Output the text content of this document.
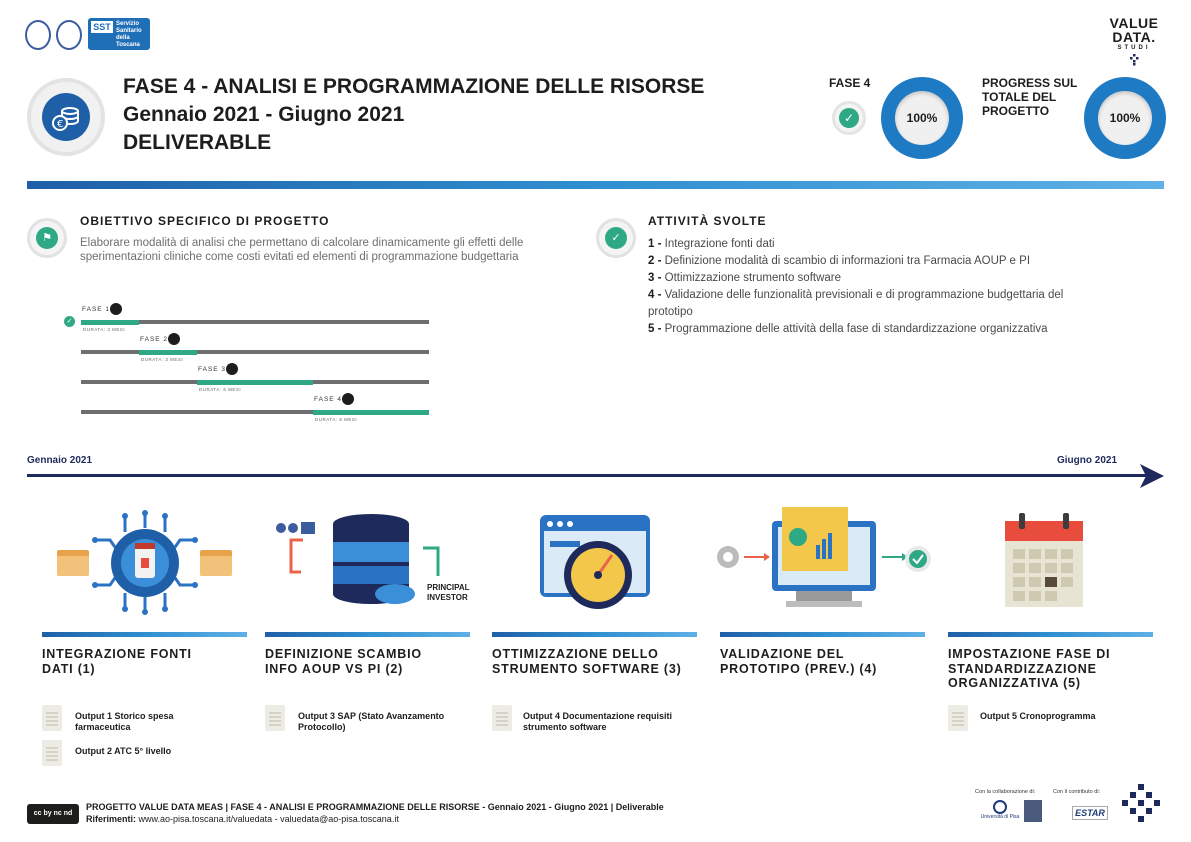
SST Servizio Sanitario della Toscana
VALUE
DATA.
STUDI
€
FASE 4 - ANALISI E PROGRAMMAZIONE DELLE RISORSE
Gennaio 2021 - Giugno 2021
DELIVERABLE
FASE 4
✓	100%
PROGRESS SUL TOTALE DEL PROGETTO	100%
⚑
OBIETTIVO SPECIFICO DI PROGETTO
Elaborare modalità di analisi che permettano di calcolare dinamicamente gli effetti delle sperimentazioni cliniche come costi evitati ed elementi di programmazione budgettaria
✓
ATTIVITÀ SVOLTE
1 - Integrazione fonti dati
2 - Definizione modalità di scambio di informazioni tra Farmacia AOUP e PI
3 - Ottimizzazione strumento software
4 - Validazione delle funzionalità previsionali e di programmazione budgettaria del prototipo
5 - Programmazione delle attività della fase di standardizzazione organizzativa
FASE 1
DURATA: 3 MESI
FASE 2
DURATA: 3 MESI
FASE 3
DURATA: 6 MESI
FASE 4
DURATA: 6 MESI
✓
Gennaio 2021	Giugno 2021
PRINCIPAL INVESTOR
INTEGRAZIONE FONTI DATI (1)
DEFINIZIONE SCAMBIO INFO AOUP VS PI (2)
OTTIMIZZAZIONE DELLO STRUMENTO SOFTWARE (3)
VALIDAZIONE DEL PROTOTIPO (PREV.) (4)
IMPOSTAZIONE FASE DI STANDARDIZZAZIONE ORGANIZZATIVA (5)
Output 1 Storico spesa farmaceutica
Output 2 ATC 5° livello
Output 3 SAP (Stato Avanzamento Protocollo)
Output 4 Documentazione requisiti strumento software
Output 5 Cronoprogramma
cc by nc nd
PROGETTO VALUE DATA MEAS | FASE 4 - ANALISI E PROGRAMMAZIONE DELLE RISORSE - Gennaio 2021 - Giugno 2021 | Deliverable
Riferimenti: www.ao-pisa.toscana.it/valuedata - valuedata@ao-pisa.toscana.it
Con la collaborazione di:	Con il contributo di:
Università di Pisa	ESTAR
